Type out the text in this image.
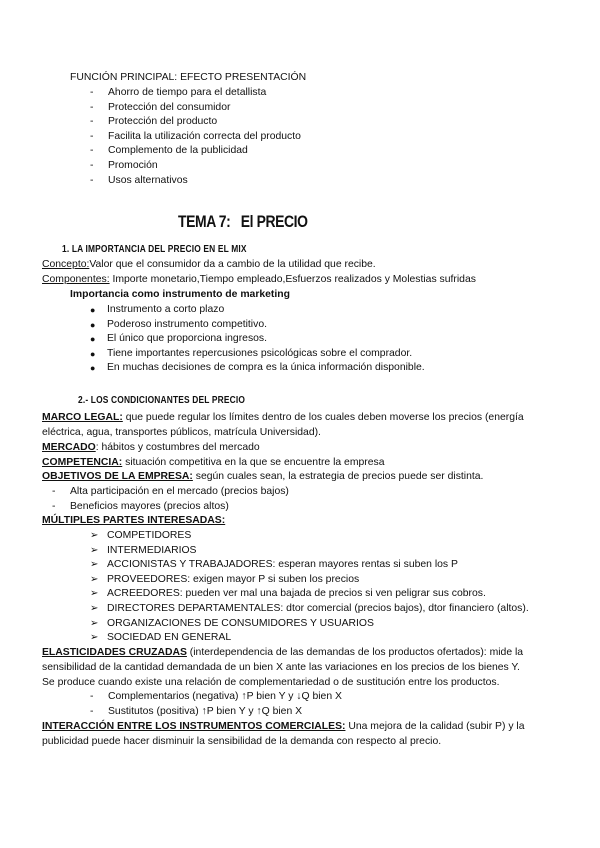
FUNCIÓN PRINCIPAL: EFECTO PRESENTACIÓN
- Ahorro de tiempo para el detallista
- Protección del consumidor
- Protección del producto
- Facilita la utilización correcta del producto
- Complemento de la publicidad
- Promoción
- Usos alternativos
TEMA 7: El PRECIO
1. LA IMPORTANCIA DEL PRECIO EN EL MIX
Concepto:Valor que el consumidor da a cambio de la utilidad que recibe.
Componentes: Importe monetario,Tiempo empleado,Esfuerzos realizados y Molestias sufridas
Importancia como instrumento de marketing
● Instrumento a corto plazo
● Poderoso instrumento competitivo.
● El único que proporciona ingresos.
● Tiene importantes repercusiones psicológicas sobre el comprador.
● En muchas decisiones de compra es la única información disponible.
2.- LOS CONDICIONANTES DEL PRECIO
MARCO LEGAL: que puede regular los límites dentro de los cuales deben moverse los precios (energía
eléctrica, agua, transportes públicos, matrícula Universidad).
MERCADO: hábitos y costumbres del mercado
COMPETENCIA: situación competitiva en la que se encuentre la empresa
OBJETIVOS DE LA EMPRESA: según cuales sean, la estrategia de precios puede ser distinta.
- Alta participación en el mercado (precios bajos)
- Beneficios mayores (precios altos)
MÚLTIPLES PARTES INTERESADAS:
➢ COMPETIDORES
➢ INTERMEDIARIOS
➢ ACCIONISTAS Y TRABAJADORES: esperan mayores rentas si suben los P
➢ PROVEEDORES: exigen mayor P si suben los precios
➢ ACREEDORES: pueden ver mal una bajada de precios si ven peligrar sus cobros.
➢ DIRECTORES DEPARTAMENTALES: dtor comercial (precios bajos), dtor financiero (altos).
➢ ORGANIZACIONES DE CONSUMIDORES Y USUARIOS
➢ SOCIEDAD EN GENERAL
ELASTICIDADES CRUZADAS (interdependencia de las demandas de los productos ofertados): mide la
sensibilidad de la cantidad demandada de un bien X ante las variaciones en los precios de los bienes Y.
Se produce cuando existe una relación de complementariedad o de sustitución entre los productos.
- Complementarios (negativa) ↑P bien Y y ↓Q bien X
- Sustitutos (positiva) ↑P bien Y y ↑Q bien X
INTERACCIÓN ENTRE LOS INSTRUMENTOS COMERCIALES: Una mejora de la calidad (subir P) y la
publicidad puede hacer disminuir la sensibilidad de la demanda con respecto al precio.
